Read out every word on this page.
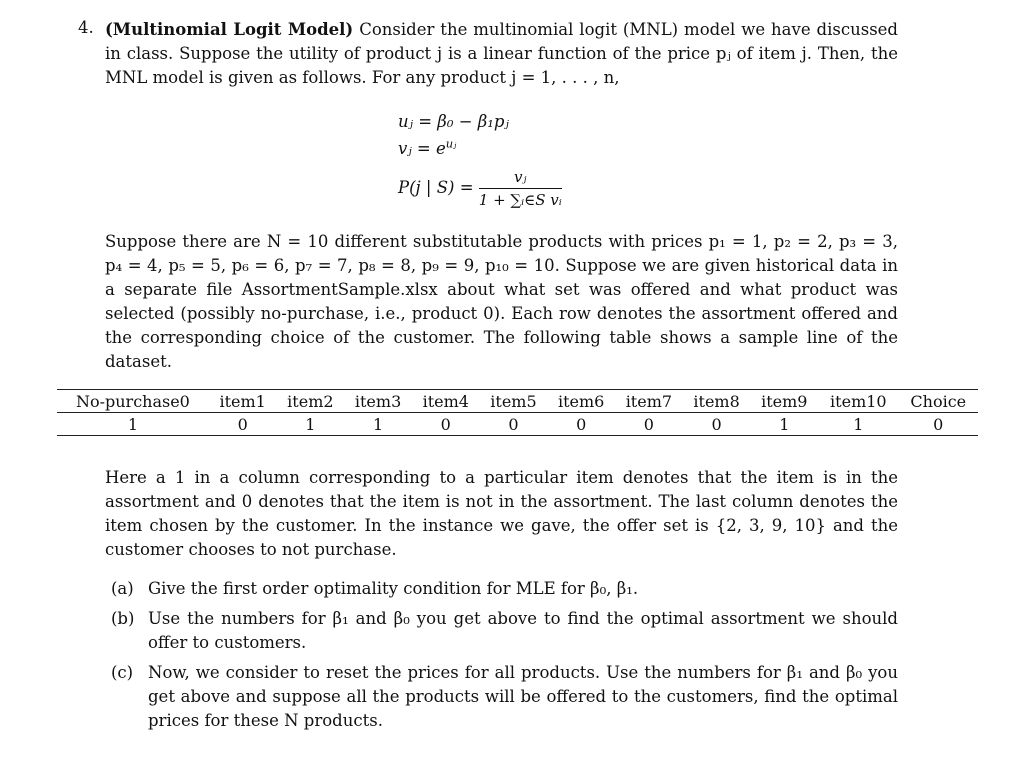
4. (Multinomial Logit Model) Consider the multinomial logit (MNL) model we have discussed in class. Suppose the utility of product j is a linear function of the price pⱼ of item j. Then, the MNL model is given as follows. For any product j = 1, . . . , n,
uⱼ = β₀ − β₁pⱼ
vⱼ = $e^{uⱼ}$
P(j | $S) = \frac{\text{vⱼ}}{\text{1 + ∑ᵢ∈S vᵢ}}$
Suppose there are N = 10 different substitutable products with prices p₁ = 1, p₂ = 2, p₃ = 3, p₄ = 4, p₅ = 5, p₆ = 6, p₇ = 7, p₈ = 8, p₉ = 9, p₁₀ = 10. Suppose we are given historical data in a separate file AssortmentSample.xlsx about what set was offered and what product was selected (possibly no-purchase, i.e., product 0). Each row denotes the assortment offered and the corresponding choice of the customer. The following table shows a sample line of the dataset.
No-purchase0	item1	item2	item3	item4	item5	item6	item7	item8	item9	item10	Choice
1	0	1	1	0	0	0	0	0	1	1	0
Here a 1 in a column corresponding to a particular item denotes that the item is in the assortment and 0 denotes that the item is not in the assortment. The last column denotes the item chosen by the customer. In the instance we gave, the offer set is {2, 3, 9, 10} and the customer chooses to not purchase.
(a) Give the first order optimality condition for MLE for β₀, β₁.
(b) Use the numbers for β₁ and β₀ you get above to find the optimal assortment we should offer to customers.
(c) Now, we consider to reset the prices for all products. Use the numbers for β₁ and β₀ you get above and suppose all the products will be offered to the customers, find the optimal prices for these N products.
